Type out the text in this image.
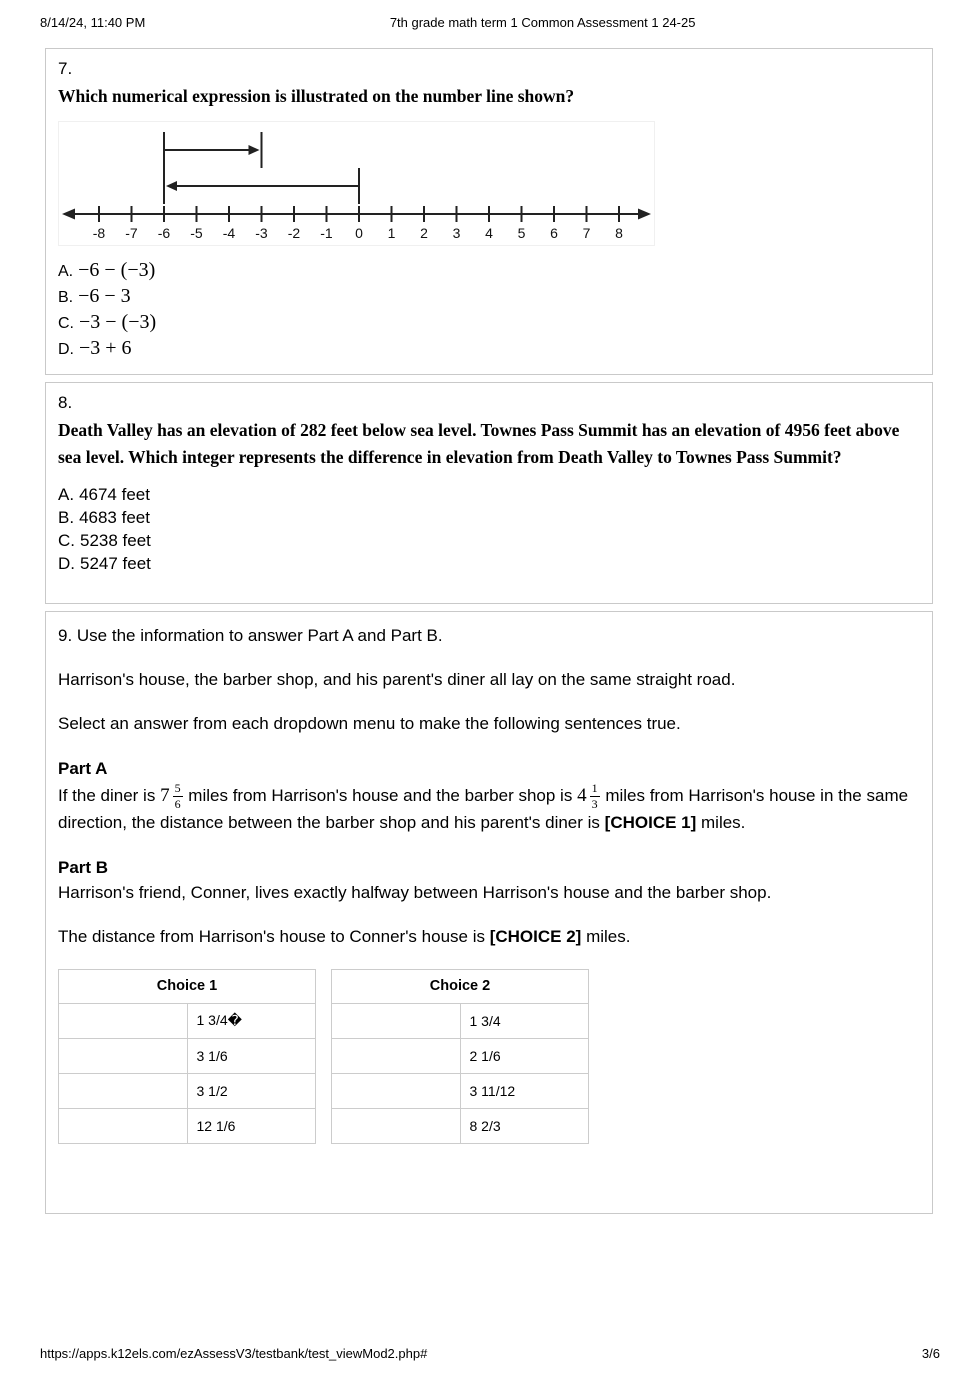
8/14/24, 11:40 PM	7th grade math term 1 Common Assessment 1 24-25
7.
Which numerical expression is illustrated on the number line shown?
-8 -7 -6 -5 -4 -3 -2 -1 0 1 2 3 4 5 6 7 8
A. −6 − (−3)
B. −6 − 3
C. −3 − (−3)
D. −3 + 6
8.
Death Valley has an elevation of 282 feet below sea level. Townes Pass Summit has an elevation of 4956 feet above sea level. Which integer represents the difference in elevation from Death Valley to Townes Pass Summit?
A. 4674 feet
B. 4683 feet
C. 5238 feet
D. 5247 feet

9. Use the information to answer Part A and Part B.

Harrison's house, the barber shop, and his parent's diner all lay on the same straight road.

Select an answer from each dropdown menu to make the following sentences true.

Part A

If the diner is $7 \frac{5}{6}$ miles from Harrison's house and the barber shop is $4 \frac{1}{3}$ miles from Harrison's house in the same direction, the distance between the barber shop and his parent's diner is [CHOICE 1] miles.

Part B

Harrison's friend, Conner, lives exactly halfway between Harrison's house and the barber shop.

The distance from Harrison's house to Conner's house is [CHOICE 2] miles.

Choice 1	
	1 3/4�
	3 1/6
	3 1/2
	12 1/6
Choice 2	
	1 3/4
	2 1/6
	3 11/12
	8 2/3
https://apps.k12els.com/ezAssessV3/testbank/test_viewMod2.php#	3/6
